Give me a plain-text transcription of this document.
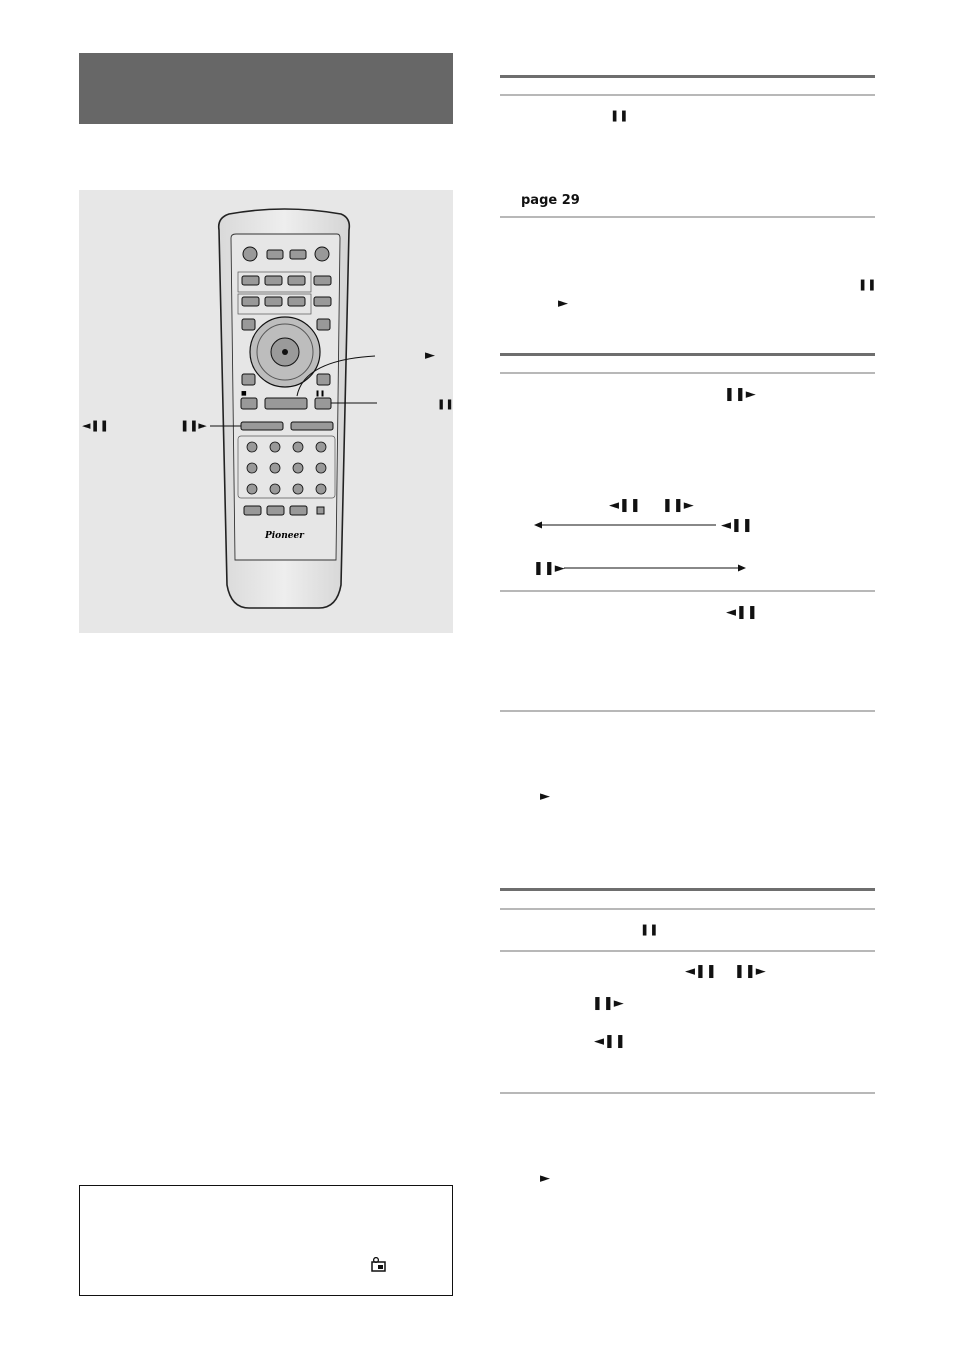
■	❚❚
Pioneer
►
❚❚
◄❚❚	❚❚►
❚❚
page 29
❚❚
►
❚❚►
◄❚❚ ❚❚►
◄❚❚
❚❚►
◄❚❚
►
❚❚
◄❚❚ ❚❚►
❚❚►
◄❚❚
►
